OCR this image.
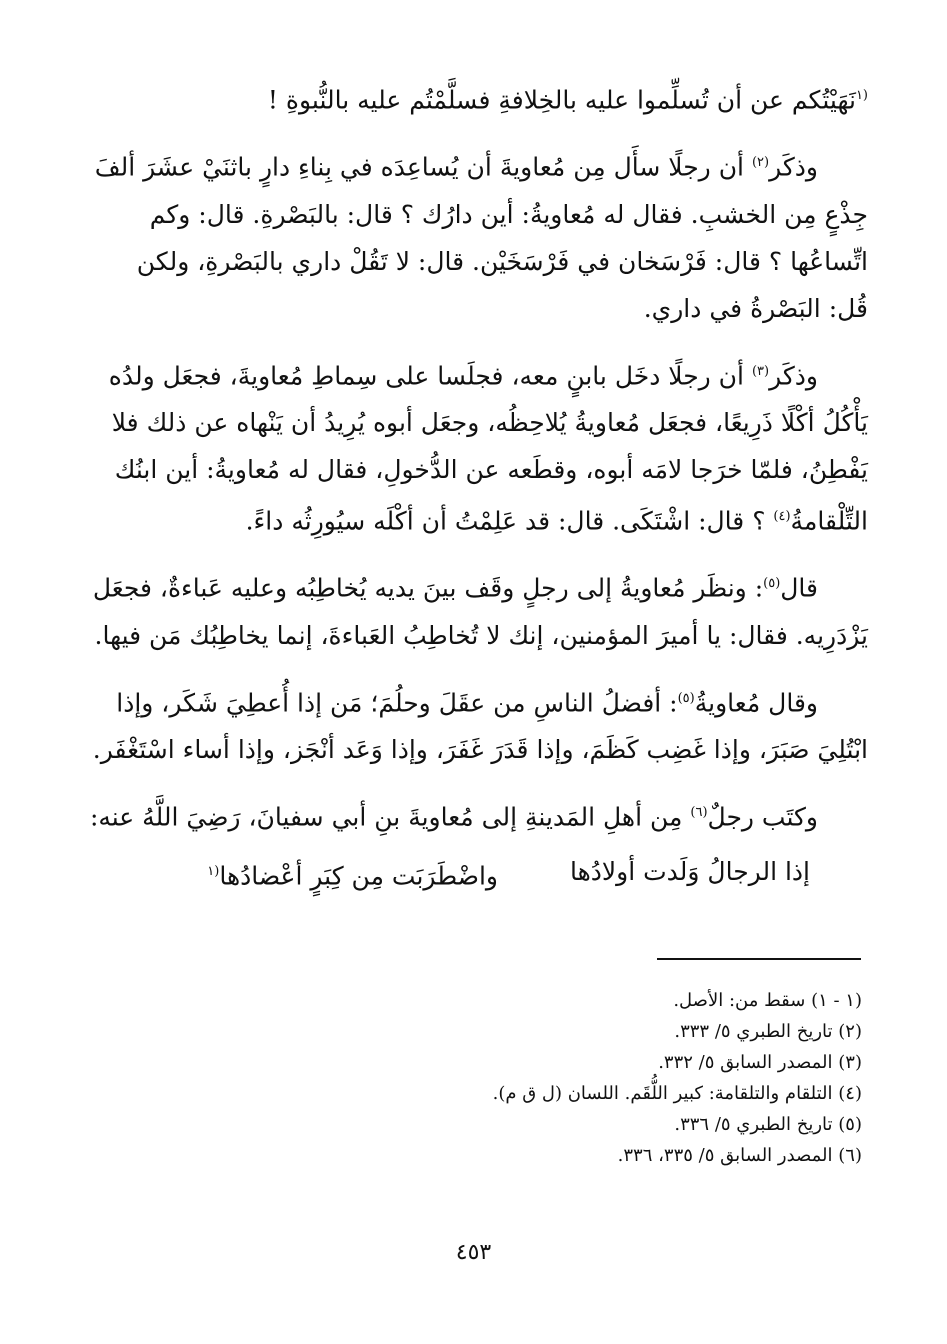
$^{(١}$نَهَيْتُكم عن أن تُسلِّموا عليه بالخِلافةِ فسلَّمْتُم عليه بالنُّبوةِ !
وذكَر$^{(٢)}$ أن رجلًا سأَل مِن مُعاويةَ أن يُساعِدَه في بِناءِ دارٍ باثنَيْ عشَرَ ألفَ
جِذْعٍ مِن الخشبِ. فقال له مُعاويةُ: أين دارُك ؟ قال: بالبَصْرةِ. قال: وكم
اتِّساعُها ؟ قال: فَرْسَخان في فَرْسَخَيْن. قال: لا تَقُلْ داري بالبَصْرةِ، ولكن
قُل: البَصْرةُ في داري.
وذكَر$^{(٣)}$ أن رجلًا دخَل بابنٍ معه، فجلَسا على سِماطِ مُعاويةَ، فجعَل ولدُه
يَأْكُلُ أكْلًا ذَرِيعًا، فجعَل مُعاويةُ يُلاحِظُه، وجعَل أبوه يُرِيدُ أن يَنْهاه عن ذلك فلا
يَفْطِنُ، فلمّا خرَجا لامَه أبوه، وقطَعه عن الدُّخولِ، فقال له مُعاويةُ: أين ابنُك
التِّلْقامةُ$^{(٤)}$ ؟ قال: اشْتَكَى. قال: قد عَلِمْتُ أن أكْلَه سيُورِثُه داءً.
قال$^{(٥)}$: ونظَر مُعاويةُ إلى رجلٍ وقَف بينَ يديه يُخاطِبُه وعليه عَباءةٌ، فجعَل
يَزْدَرِيه. فقال: يا أميرَ المؤمنين، إنك لا تُخاطِبُ العَباءةَ، إنما يخاطِبُك مَن فيها.
وقال مُعاويةُ$^{(٥)}$: أفضلُ الناسِ من عقَلَ وحلُمَ؛ مَن إذا أُعطِيَ شَكَر، وإذا
ابْتُلِيَ صَبَرَ، وإذا غَضِب كَظَمَ، وإذا قَدَرَ غَفَرَ، وإذا وَعَد أنْجَز، وإذا أساء اسْتَغْفَر.
وكتَب رجلٌ$^{(٦)}$ مِن أهلِ المَدينةِ إلى مُعاويةَ بنِ أبي سفيانَ، رَضِيَ اللَّهُ عنه:
إذا الرجالُ وَلَدت أولادُها
واضْطَرَبَت مِن كِبَرٍ أعْضادُها$^{(١}$
(١ - ١) سقط من: الأصل.
(٢) تاريخ الطبري ٥/ ٣٣٣.
(٣) المصدر السابق ٥/ ٣٣٢.
(٤) التلقام والتلقامة: كبير اللُّقَم. اللسان (ل ق م).
(٥) تاريخ الطبري ٥/ ٣٣٦.
(٦) المصدر السابق ٥/ ٣٣٥، ٣٣٦.
٤٥٣
